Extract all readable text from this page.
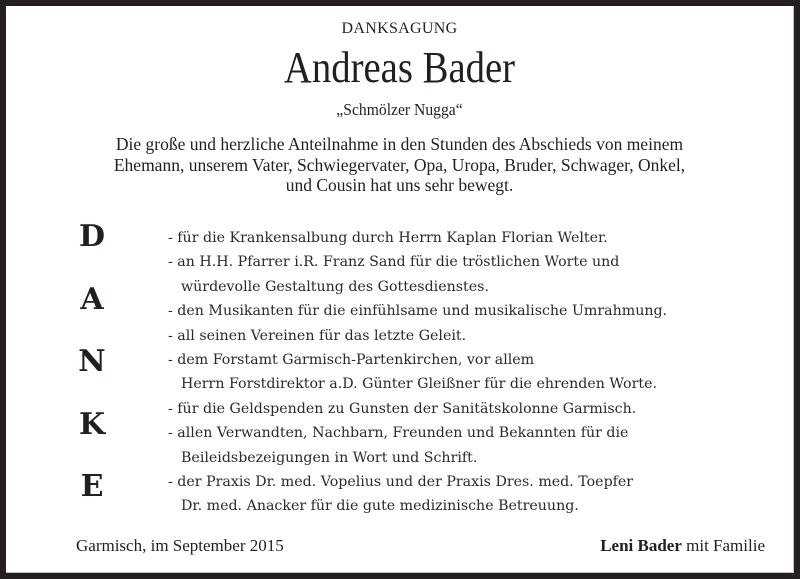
DANKSAGUNG
Andreas Bader
„Schmölzer Nugga“
Die große und herzliche Anteilnahme in den Stunden des Abschieds von meinem
Ehemann, unserem Vater, Schwiegervater, Opa, Uropa, Bruder, Schwager, Onkel,
und Cousin hat uns sehr bewegt.
D
A
N
K
E
- für die Krankensalbung durch Herrn Kaplan Florian Welter.
- an H.H. Pfarrer i.R. Franz Sand für die tröstlichen Worte und
würdevolle Gestaltung des Gottesdienstes.
- den Musikanten für die einfühlsame und musikalische Umrahmung.
- all seinen Vereinen für das letzte Geleit.
- dem Forstamt Garmisch-Partenkirchen, vor allem
Herrn Forstdirektor a.D. Günter Gleißner für die ehrenden Worte.
- für die Geldspenden zu Gunsten der Sanitätskolonne Garmisch.
- allen Verwandten, Nachbarn, Freunden und Bekannten für die
Beileidsbezeigungen in Wort und Schrift.
- der Praxis Dr. med. Vopelius und der Praxis Dres. med. Toepfer
Dr. med. Anacker für die gute medizinische Betreuung.
Garmisch, im September 2015	Leni Bader mit Familie
